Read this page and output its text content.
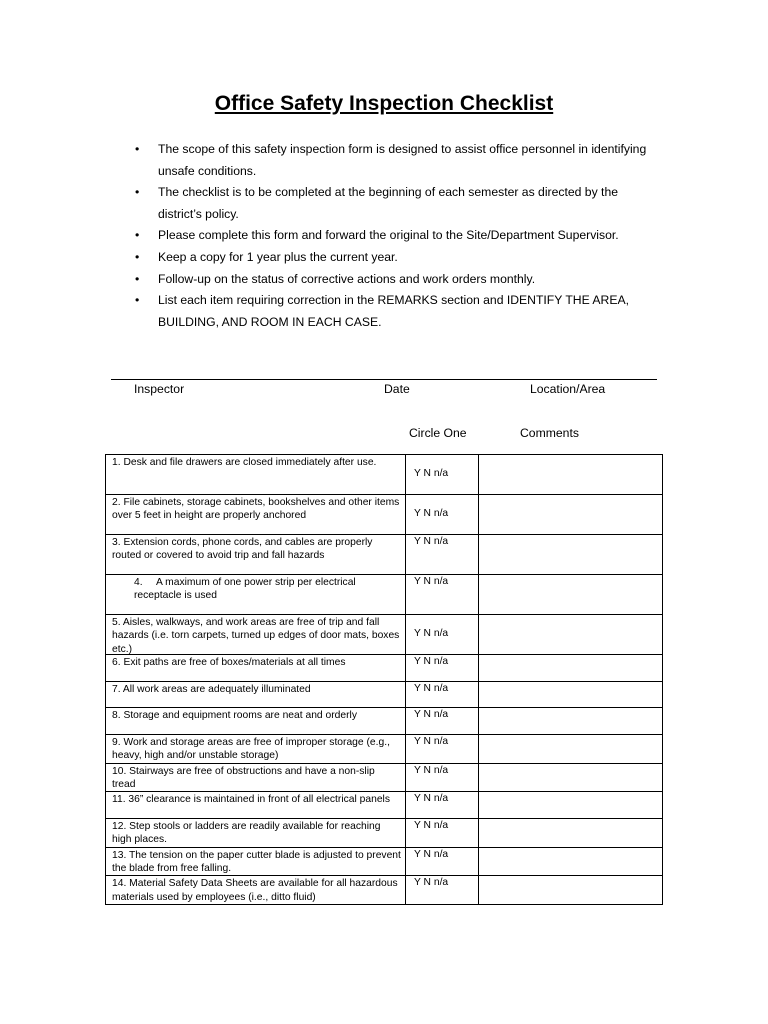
Office Safety Inspection Checklist
• The scope of this safety inspection form is designed to assist office personnel in identifying unsafe conditions.
• The checklist is to be completed at the beginning of each semester as directed by the district’s policy.
• Please complete this form and forward the original to the Site/Department Supervisor.
• Keep a copy for 1 year plus the current year.
• Follow-up on the status of corrective actions and work orders monthly.
• List each item requiring correction in the REMARKS section and IDENTIFY THE AREA, BUILDING, AND ROOM IN EACH CASE.
Inspector	Date	Location/Area
Circle One	Comments
1. Desk and file drawers are closed immediately after use.	Y N n/a	

2. File cabinets, storage cabinets, bookshelves and other items over 5 feet in height are properly anchored	Y N n/a	

3. Extension cords, phone cords, and cables are properly routed or covered to avoid trip and fall hazards	Y N n/a	

4. A maximum of one power strip per electrical receptacle is used	Y N n/a	

5. Aisles, walkways, and work areas are free of trip and fall hazards (i.e. torn carpets, turned up edges of door mats, boxes etc.)	Y N n/a	

6. Exit paths are free of boxes/materials at all times	Y N n/a	

7. All work areas are adequately illuminated	Y N n/a	

8. Storage and equipment rooms are neat and orderly	Y N n/a	

9. Work and storage areas are free of improper storage (e.g., heavy, high and/or unstable storage)	Y N n/a	

10. Stairways are free of obstructions and have a non-slip tread	Y N n/a	

11. 36” clearance is maintained in front of all electrical panels	Y N n/a	

12. Step stools or ladders are readily available for reaching high places.	Y N n/a	

13. The tension on the paper cutter blade is adjusted to prevent the blade from free falling.	Y N n/a	

14. Material Safety Data Sheets are available for all hazardous materials used by employees (i.e., ditto fluid)	Y N n/a	
